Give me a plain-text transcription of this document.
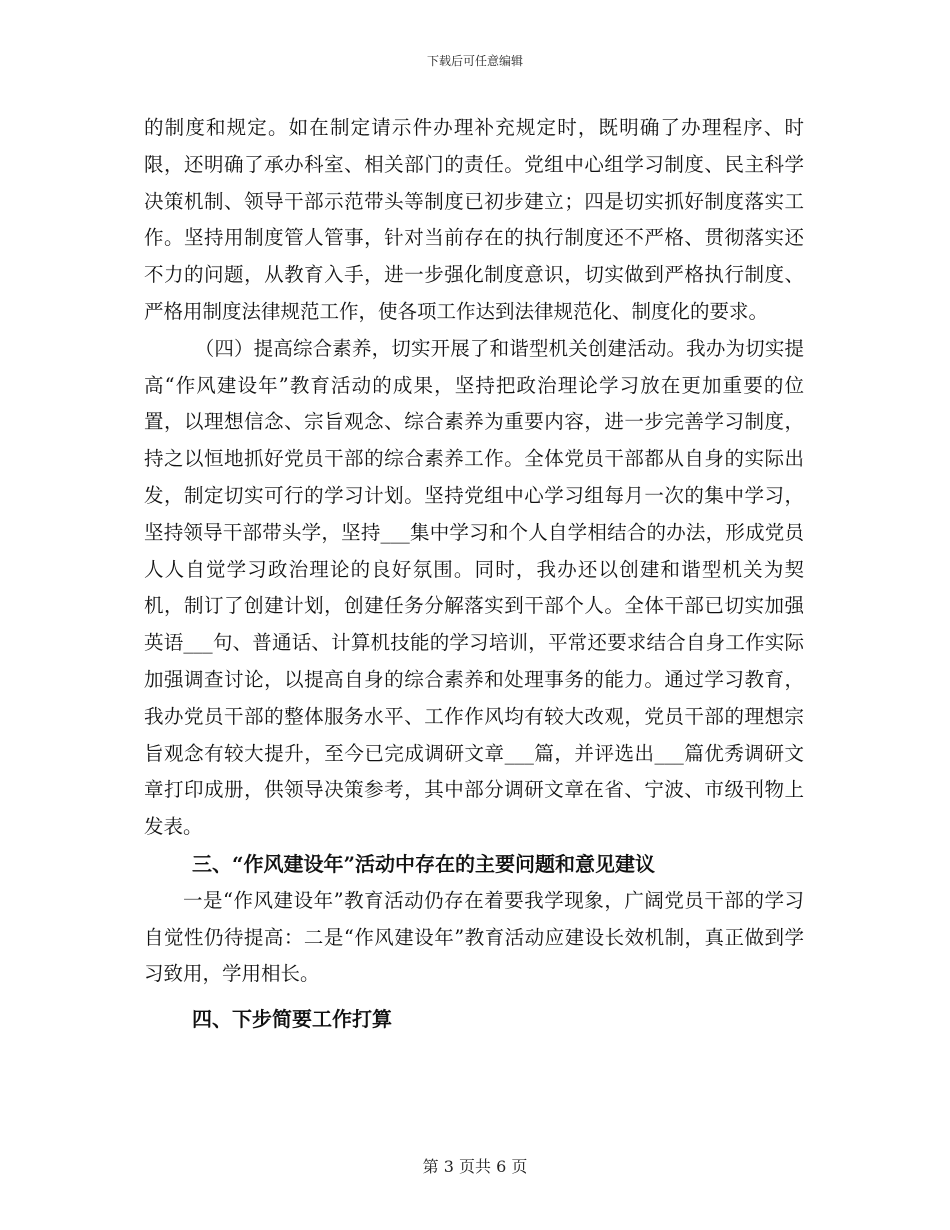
下载后可任意编辑

的制度和规定。如在制定请示件办理补充规定时，既明确了办理程序、时限，还明确了承办科室、相关部门的责任。党组中心组学习制度、民主科学决策机制、领导干部示范带头等制度已初步建立；四是切实抓好制度落实工作。坚持用制度管人管事，针对当前存在的执行制度还不严格、贯彻落实还不力的问题，从教育入手，进一步强化制度意识，切实做到严格执行制度、严格用制度法律规范工作，使各项工作达到法律规范化、制度化的要求。

（四）提高综合素养，切实开展了和谐型机关创建活动。我办为切实提高“作风建设年”教育活动的成果，坚持把政治理论学习放在更加重要的位置，以理想信念、宗旨观念、综合素养为重要内容，进一步完善学习制度，持之以恒地抓好党员干部的综合素养工作。全体党员干部都从自身的实际出发，制定切实可行的学习计划。坚持党组中心学习组每月一次的集中学习，坚持领导干部带头学，坚持___集中学习和个人自学相结合的办法，形成党员人人自觉学习政治理论的良好氛围。同时，我办还以创建和谐型机关为契机，制订了创建计划，创建任务分解落实到干部个人。全体干部已切实加强英语___句、普通话、计算机技能的学习培训，平常还要求结合自身工作实际加强调查讨论，以提高自身的综合素养和处理事务的能力。通过学习教育，我办党员干部的整体服务水平、工作作风均有较大改观，党员干部的理想宗旨观念有较大提升，至今已完成调研文章___篇，并评选出___篇优秀调研文章打印成册，供领导决策参考，其中部分调研文章在省、宁波、市级刊物上发表。

三、“作风建设年”活动中存在的主要问题和意见建议

一是“作风建设年”教育活动仍存在着要我学现象，广阔党员干部的学习自觉性仍待提高：二是“作风建设年”教育活动应建设长效机制，真正做到学习致用，学用相长。

四、下步简要工作打算

第 3 页共 6 页
